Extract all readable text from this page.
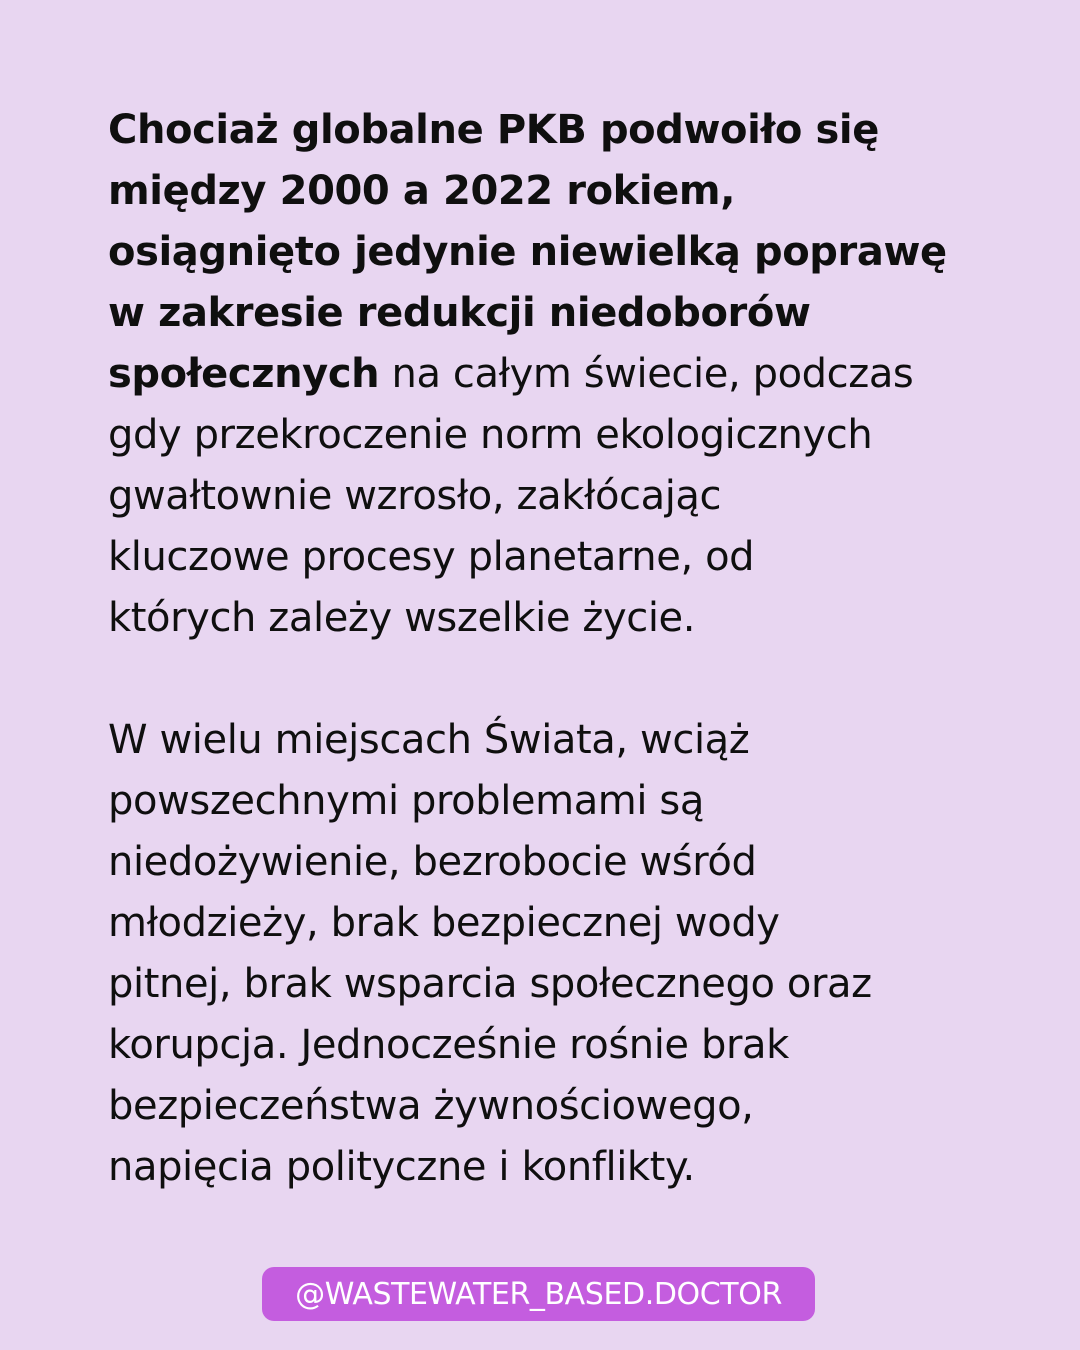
Chociaż globalne PKB podwoiło się
między 2000 a 2022 rokiem,
osiągnięto jedynie niewielką poprawę
w zakresie redukcji niedoborów
społecznych na całym świecie, podczas
gdy przekroczenie norm ekologicznych
gwałtownie wzrosło, zakłócając
kluczowe procesy planetarne, od
których zależy wszelkie życie.

W wielu miejscach Świata, wciąż
powszechnymi problemami są
niedożywienie, bezrobocie wśród
młodzieży, brak bezpiecznej wody
pitnej, brak wsparcia społecznego oraz
korupcja. Jednocześnie rośnie brak
bezpieczeństwa żywnościowego,
napięcia polityczne i konflikty.

@WASTEWATER_BASED.DOCTOR
